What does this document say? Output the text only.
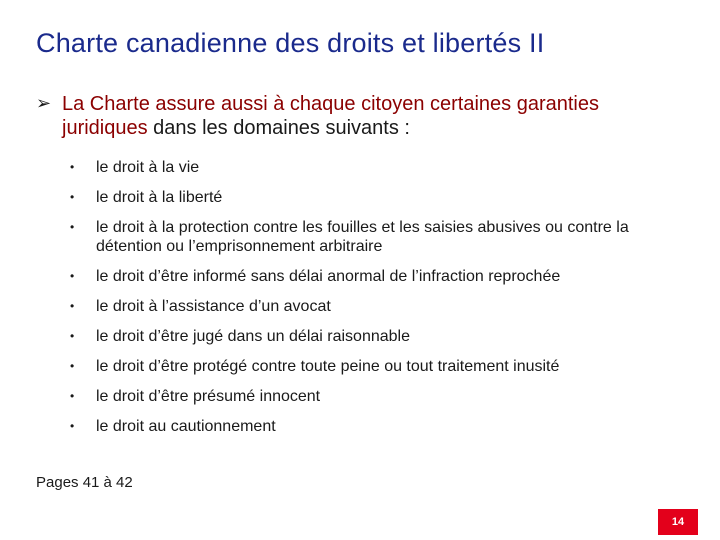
Charte canadienne des droits et libertés II
➢ La Charte assure aussi à chaque citoyen certaines garanties juridiques dans les domaines suivants :
•	le droit à la vie
•	le droit à la liberté
•	le droit à la protection contre les fouilles et les saisies abusives ou contre la détention ou l’emprisonnement arbitraire
•	le droit d’être informé sans délai anormal de l’infraction reprochée
•	le droit à l’assistance d’un avocat
•	le droit d’être jugé dans un délai raisonnable
•	le droit d’être protégé contre toute peine ou tout traitement inusité
•	le droit d’être présumé innocent
•	le droit au cautionnement
Pages 41 à 42
14
